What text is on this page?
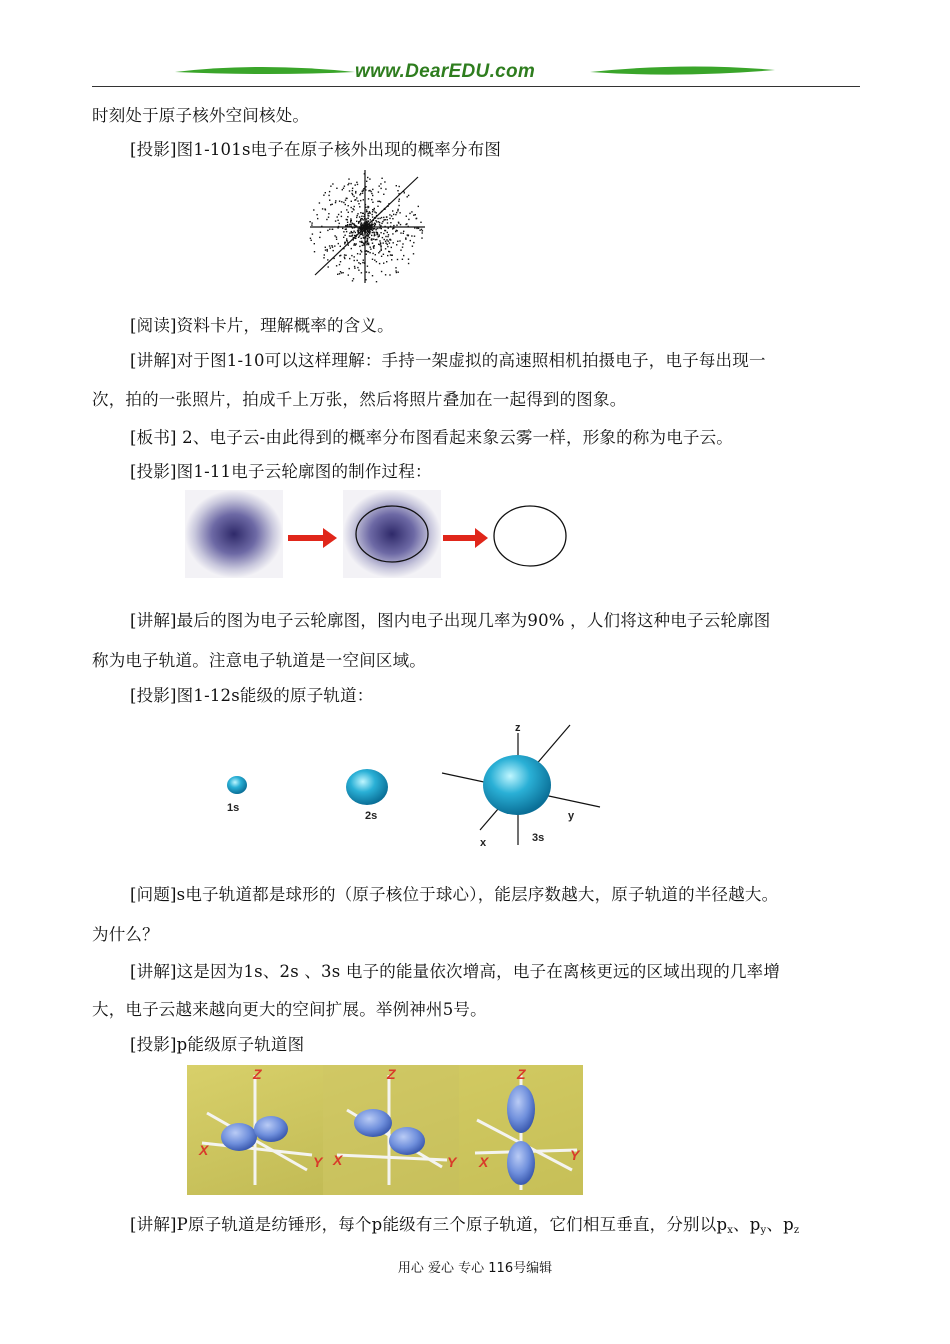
www.DearEDU.com
时刻处于原子核外空间核处。
[投影]图1-101s电子在原子核外出现的概率分布图
[阅读]资料卡片，理解概率的含义。
[讲解]对于图1-10可以这样理解：手持一架虚拟的高速照相机拍摄电子，电子每出现一
次，拍的一张照片，拍成千上万张，然后将照片叠加在一起得到的图象。
[板书] 2、电子云-由此得到的概率分布图看起来象云雾一样，形象的称为电子云。
[投影]图1-11电子云轮廓图的制作过程：
[讲解]最后的图为电子云轮廓图，图内电子出现几率为90% ，人们将这种电子云轮廓图
称为电子轨道。注意电子轨道是一空间区域。
[投影]图1-12s能级的原子轨道：
1s
2s
z
x
y
3s
[问题]s电子轨道都是球形的（原子核位于球心），能层序数越大，原子轨道的半径越大。
为什么？
[讲解]这是因为1s、2s 、3s 电子的能量依次增高，电子在离核更远的区域出现的几率增
大，电子云越来越向更大的空间扩展。举例神州5号。
[投影]p能级原子轨道图
Z
X
Y
Z
X	Y
Z
X	Y
[讲解]P原子轨道是纺锤形，每个p能级有三个原子轨道，它们相互垂直，分别以$p_x$、$p_y$、$p_z$
用心 爱心 专心 116号编辑
